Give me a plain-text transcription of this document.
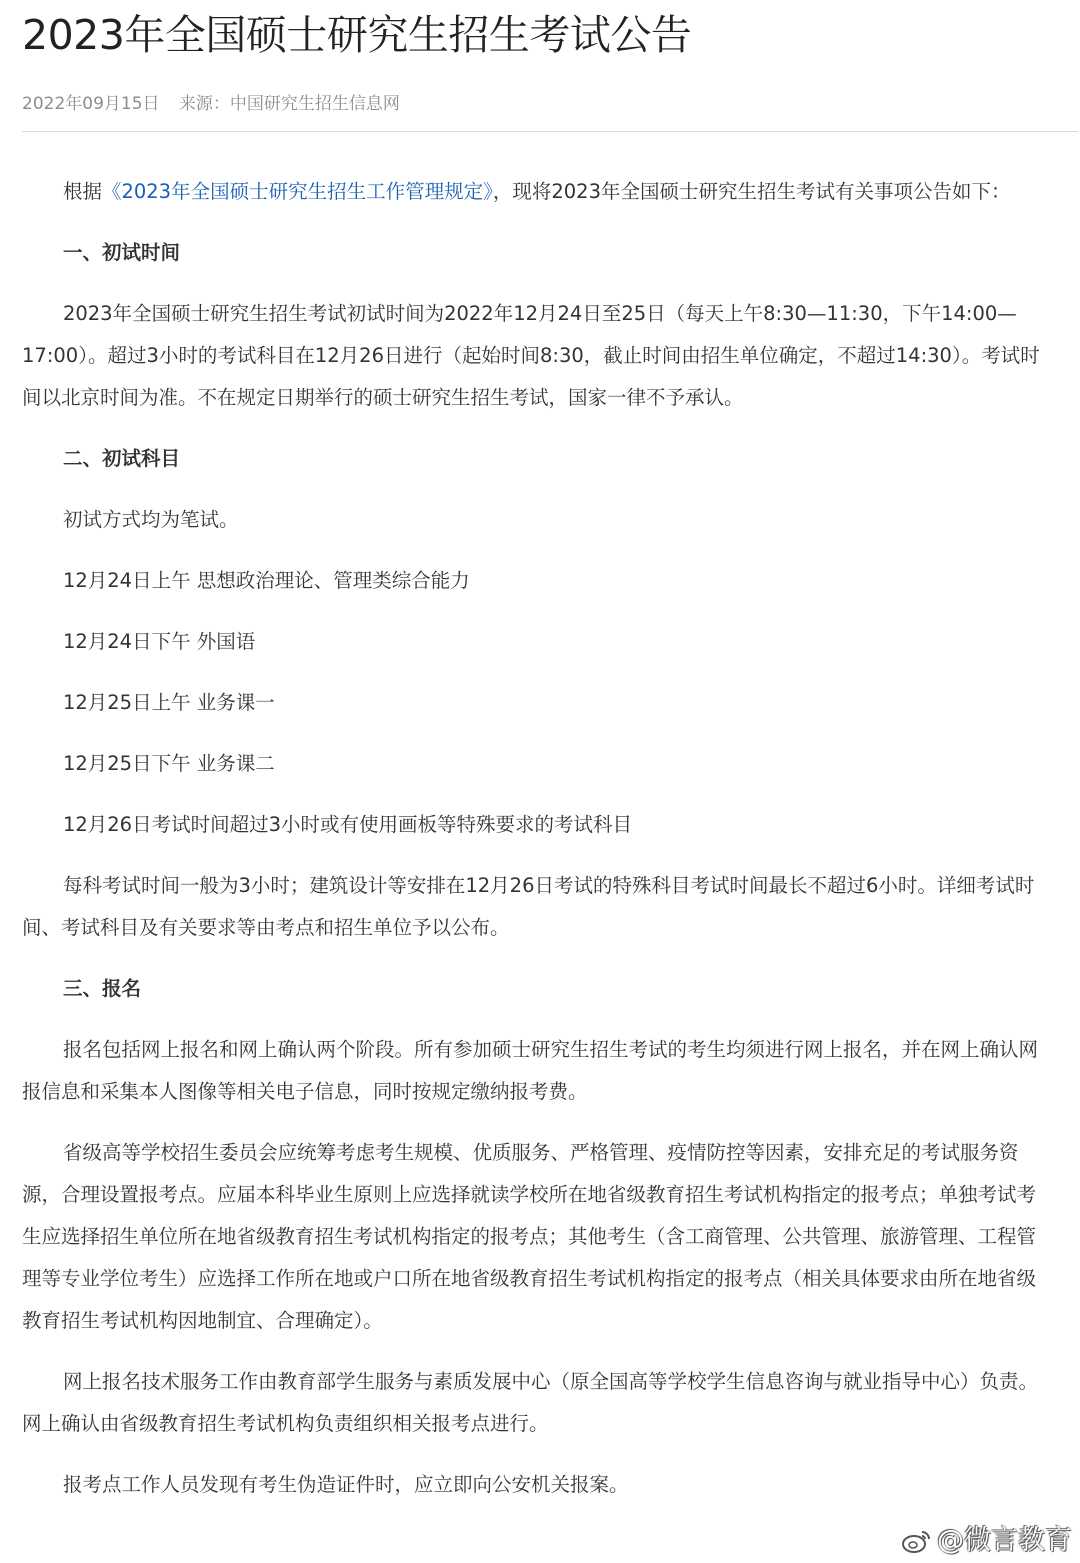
2023年全国硕士研究生招生考试公告
2022年09月15日 来源：中国研究生招生信息网

根据《2023年全国硕士研究生招生工作管理规定》，现将2023年全国硕士研究生招生考试有关事项公告如下：

一、初试时间

2023年全国硕士研究生招生考试初试时间为2022年12月24日至25日（每天上午8:30—11:30，下午14:00—17:00）。超过3小时的考试科目在12月26日进行（起始时间8:30，截止时间由招生单位确定，不超过14:30）。考试时间以北京时间为准。不在规定日期举行的硕士研究生招生考试，国家一律不予承认。

二、初试科目

初试方式均为笔试。

12月24日上午 思想政治理论、管理类综合能力

12月24日下午 外国语

12月25日上午 业务课一

12月25日下午 业务课二

12月26日考试时间超过3小时或有使用画板等特殊要求的考试科目

每科考试时间一般为3小时；建筑设计等安排在12月26日考试的特殊科目考试时间最长不超过6小时。详细考试时间、考试科目及有关要求等由考点和招生单位予以公布。

三、报名

报名包括网上报名和网上确认两个阶段。所有参加硕士研究生招生考试的考生均须进行网上报名，并在网上确认网报信息和采集本人图像等相关电子信息，同时按规定缴纳报考费。

省级高等学校招生委员会应统筹考虑考生规模、优质服务、严格管理、疫情防控等因素，安排充足的考试服务资源，合理设置报考点。应届本科毕业生原则上应选择就读学校所在地省级教育招生考试机构指定的报考点；单独考试考生应选择招生单位所在地省级教育招生考试机构指定的报考点；其他考生（含工商管理、公共管理、旅游管理、工程管理等专业学位考生）应选择工作所在地或户口所在地省级教育招生考试机构指定的报考点（相关具体要求由所在地省级教育招生考试机构因地制宜、合理确定）。

网上报名技术服务工作由教育部学生服务与素质发展中心（原全国高等学校学生信息咨询与就业指导中心）负责。网上确认由省级教育招生考试机构负责组织相关报考点进行。

报考点工作人员发现有考生伪造证件时，应立即向公安机关报案。

@微言教育
